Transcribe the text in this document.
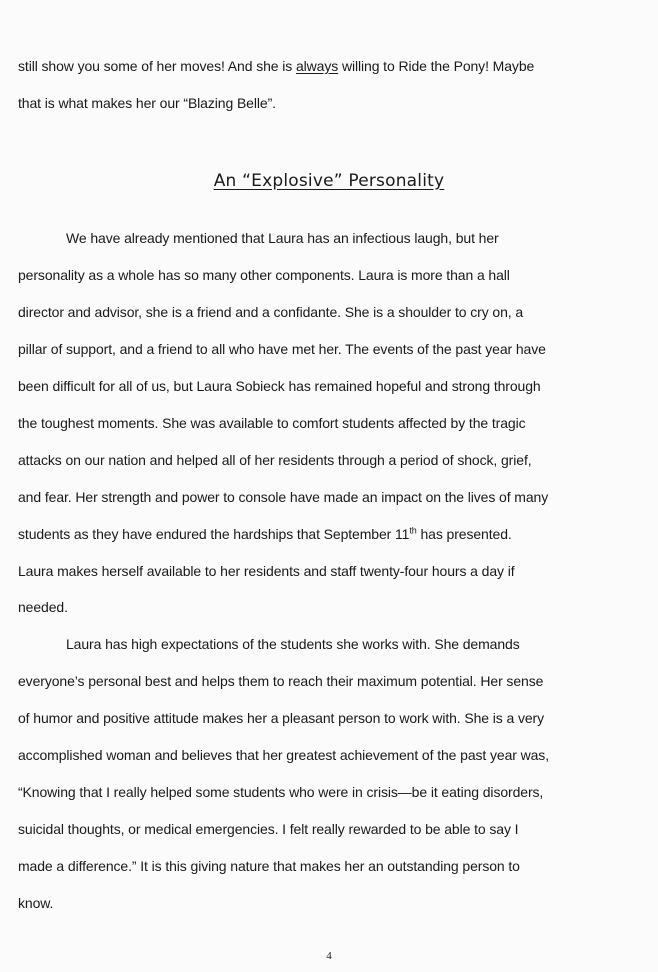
still show you some of her moves! And she is always willing to Ride the Pony! Maybe

that is what makes her our “Blazing Belle”.

An “Explosive” Personality

We have already mentioned that Laura has an infectious laugh, but her

personality as a whole has so many other components. Laura is more than a hall

director and advisor, she is a friend and a confidante. She is a shoulder to cry on, a

pillar of support, and a friend to all who have met her. The events of the past year have

been difficult for all of us, but Laura Sobieck has remained hopeful and strong through

the toughest moments. She was available to comfort students affected by the tragic

attacks on our nation and helped all of her residents through a period of shock, grief,

and fear. Her strength and power to console have made an impact on the lives of many

students as they have endured the hardships that September 11th has presented.

Laura makes herself available to her residents and staff twenty-four hours a day if

needed.

Laura has high expectations of the students she works with. She demands

everyone’s personal best and helps them to reach their maximum potential. Her sense

of humor and positive attitude makes her a pleasant person to work with. She is a very

accomplished woman and believes that her greatest achievement of the past year was,

“Knowing that I really helped some students who were in crisis—be it eating disorders,

suicidal thoughts, or medical emergencies. I felt really rewarded to be able to say I

made a difference.” It is this giving nature that makes her an outstanding person to

know.

4
